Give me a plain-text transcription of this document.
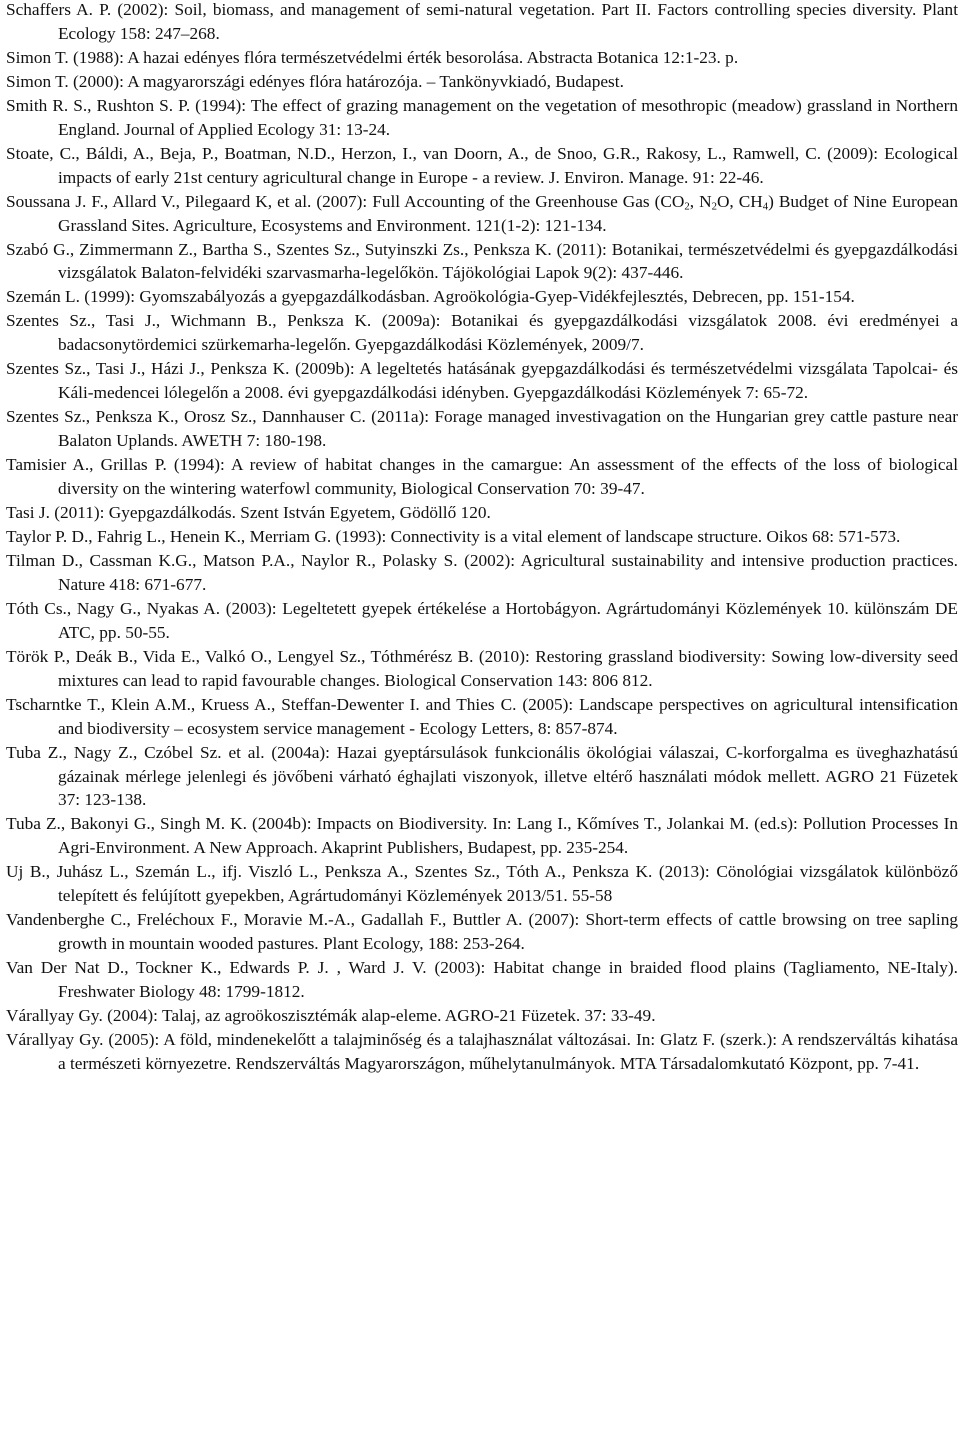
Schaffers A. P. (2002): Soil, biomass, and management of semi-natural vegetation. Part II. Factors controlling species diversity. Plant Ecology 158: 247–268.

Simon T. (1988): A hazai edényes flóra természetvédelmi érték besorolása. Abstracta Botanica 12:1-23. p.

Simon T. (2000): A magyarországi edényes flóra határozója. – Tankönyvkiadó, Budapest.

Smith R. S., Rushton S. P. (1994): The effect of grazing management on the vegetation of mesothropic (meadow) grassland in Northern England. Journal of Applied Ecology 31: 13-24.

Stoate, C., Báldi, A., Beja, P., Boatman, N.D., Herzon, I., van Doorn, A., de Snoo, G.R., Rakosy, L., Ramwell, C. (2009): Ecological impacts of early 21st century agricultural change in Europe - a review. J. Environ. Manage. 91: 22-46.

Soussana J. F., Allard V., Pilegaard K, et al. (2007): Full Accounting of the Greenhouse Gas ($CO_2$, $N_2O$, $CH_4$) Budget of Nine European Grassland Sites. Agriculture, Ecosystems and Environment. 121(1-2): 121-134.

Szabó G., Zimmermann Z., Bartha S., Szentes Sz., Sutyinszki Zs., Penksza K. (2011): Botanikai, természetvédelmi és gyepgazdálkodási vizsgálatok Balaton-felvidéki szarvasmarha-legelőkön. Tájökológiai Lapok 9(2): 437-446.

Szemán L. (1999): Gyomszabályozás a gyepgazdálkodásban. Agroökológia-Gyep-Vidékfejlesztés, Debrecen, pp. 151-154.

Szentes Sz., Tasi J., Wichmann B., Penksza K. (2009a): Botanikai és gyepgazdálkodási vizsgálatok 2008. évi eredményei a badacsonytördemici szürkemarha-legelőn. Gyepgazdálkodási Közlemények, 2009/7.

Szentes Sz., Tasi J., Házi J., Penksza K. (2009b): A legeltetés hatásának gyepgazdálkodási és természetvédelmi vizsgálata Tapolcai- és Káli-medencei lólegelőn a 2008. évi gyepgazdálkodási idényben. Gyepgazdálkodási Közlemények 7: 65-72.

Szentes Sz., Penksza K., Orosz Sz., Dannhauser C. (2011a): Forage managed investivagation on the Hungarian grey cattle pasture near Balaton Uplands. AWETH 7: 180-198.

Tamisier A., Grillas P. (1994): A review of habitat changes in the camargue: An assessment of the effects of the loss of biological diversity on the wintering waterfowl community, Biological Conservation 70: 39-47.

Tasi J. (2011): Gyepgazdálkodás. Szent István Egyetem, Gödöllő 120.

Taylor P. D., Fahrig L., Henein K., Merriam G. (1993): Connectivity is a vital element of landscape structure. Oikos 68: 571-573.

Tilman D., Cassman K.G., Matson P.A., Naylor R., Polasky S. (2002): Agricultural sustainability and intensive production practices. Nature 418: 671-677.

Tóth Cs., Nagy G., Nyakas A. (2003): Legeltetett gyepek értékelése a Hortobágyon. Agrártudományi Közlemények 10. különszám DE ATC, pp. 50-55.

Török P., Deák B., Vida E., Valkó O., Lengyel Sz., Tóthmérész B. (2010): Restoring grassland biodiversity: Sowing low-diversity seed mixtures can lead to rapid favourable changes. Biological Conservation 143: 806 812.

Tscharntke T., Klein A.M., Kruess A., Steffan-Dewenter I. and Thies C. (2005): Landscape perspectives on agricultural intensification and biodiversity – ecosystem service management - Ecology Letters, 8: 857-874.

Tuba Z., Nagy Z., Czóbel Sz. et al. (2004a): Hazai gyeptársulások funkcionális ökológiai válaszai, C-korforgalma es üveghazhatású gázainak mérlege jelenlegi és jövőbeni várható éghajlati viszonyok, illetve eltérő használati módok mellett. AGRO 21 Füzetek 37: 123-138.

Tuba Z., Bakonyi G., Singh M. K. (2004b): Impacts on Biodiversity. In: Lang I., Kőmíves T., Jolankai M. (ed.s): Pollution Processes In Agri-Environment. A New Approach. Akaprint Publishers, Budapest, pp. 235-254.

Uj B., Juhász L., Szemán L., ifj. Viszló L., Penksza A., Szentes Sz., Tóth A., Penksza K. (2013): Cönológiai vizsgálatok különböző telepített és felújított gyepekben, Agrártudományi Közlemények 2013/51. 55-58

Vandenberghe C., Freléchoux F., Moravie M.-A., Gadallah F., Buttler A. (2007): Short-term effects of cattle browsing on tree sapling growth in mountain wooded pastures. Plant Ecology, 188: 253-264.

Van Der Nat D., Tockner K., Edwards P. J. , Ward J. V. (2003): Habitat change in braided flood plains (Tagliamento, NE-Italy). Freshwater Biology 48: 1799-1812.

Várallyay Gy. (2004): Talaj, az agroökoszisztémák alap-eleme. AGRO-21 Füzetek. 37: 33-49.

Várallyay Gy. (2005): A föld, mindenekelőtt a talajminőség és a talajhasználat változásai. In: Glatz F. (szerk.): A rendszerváltás kihatása a természeti környezetre. Rendszerváltás Magyarországon, műhelytanulmányok. MTA Társadalomkutató Központ, pp. 7-41.
